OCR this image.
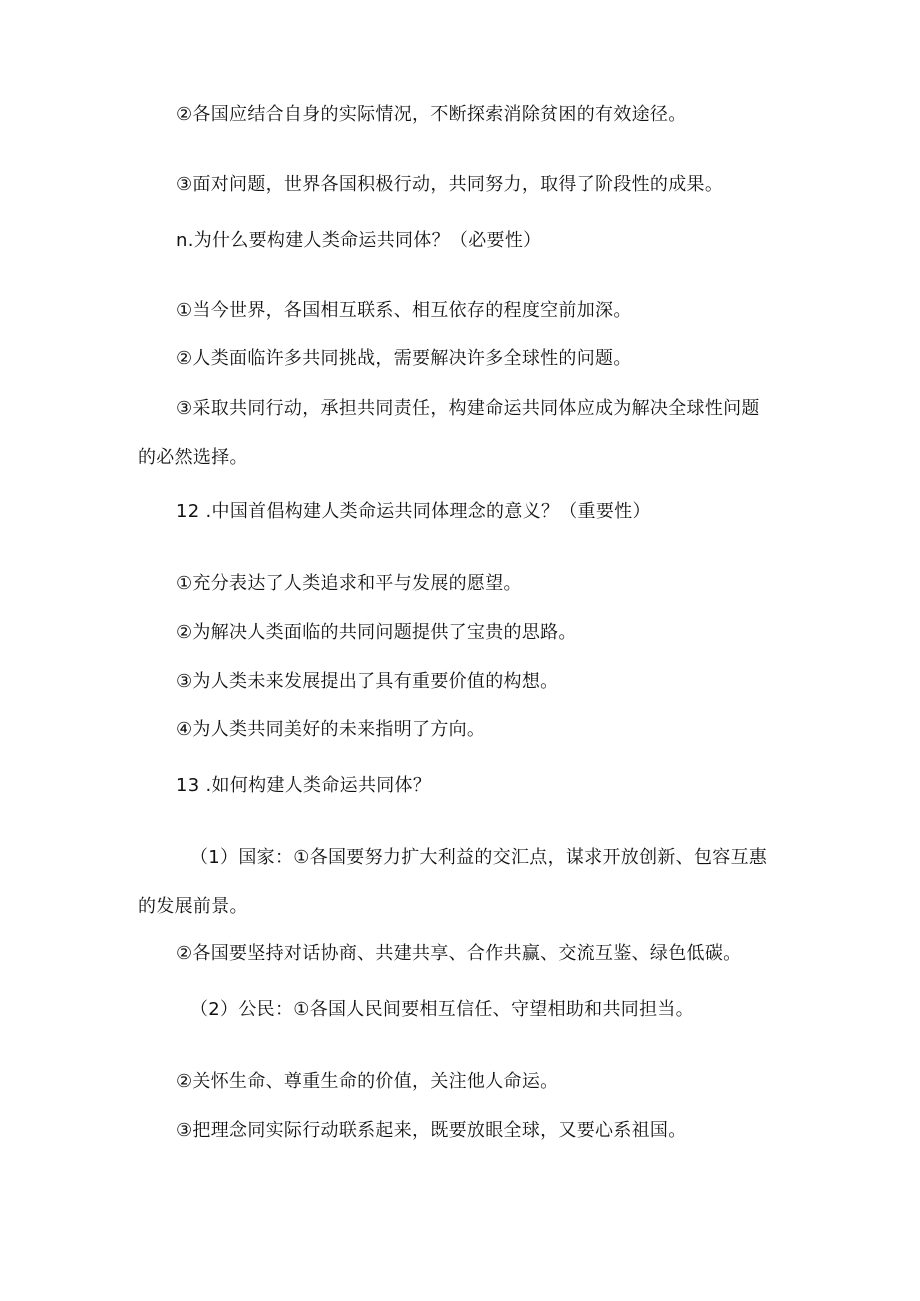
②各国应结合自身的实际情况，不断探索消除贫困的有效途径。
③面对问题，世界各国积极行动，共同努力，取得了阶段性的成果。
n.为什么要构建人类命运共同体？（必要性）
①当今世界，各国相互联系、相互依存的程度空前加深。
②人类面临许多共同挑战，需要解决许多全球性的问题。
③采取共同行动，承担共同责任，构建命运共同体应成为解决全球性问题
的必然选择。
12 .中国首倡构建人类命运共同体理念的意义？（重要性）
①充分表达了人类追求和平与发展的愿望。
②为解决人类面临的共同问题提供了宝贵的思路。
③为人类未来发展提出了具有重要价值的构想。
④为人类共同美好的未来指明了方向。
13 .如何构建人类命运共同体？
（1）国家：①各国要努力扩大利益的交汇点，谋求开放创新、包容互惠
的发展前景。
②各国要坚持对话协商、共建共享、合作共赢、交流互鉴、绿色低碳。
（2）公民：①各国人民间要相互信任、守望相助和共同担当。
②关怀生命、尊重生命的价值，关注他人命运。
③把理念同实际行动联系起来，既要放眼全球，又要心系祖国。
